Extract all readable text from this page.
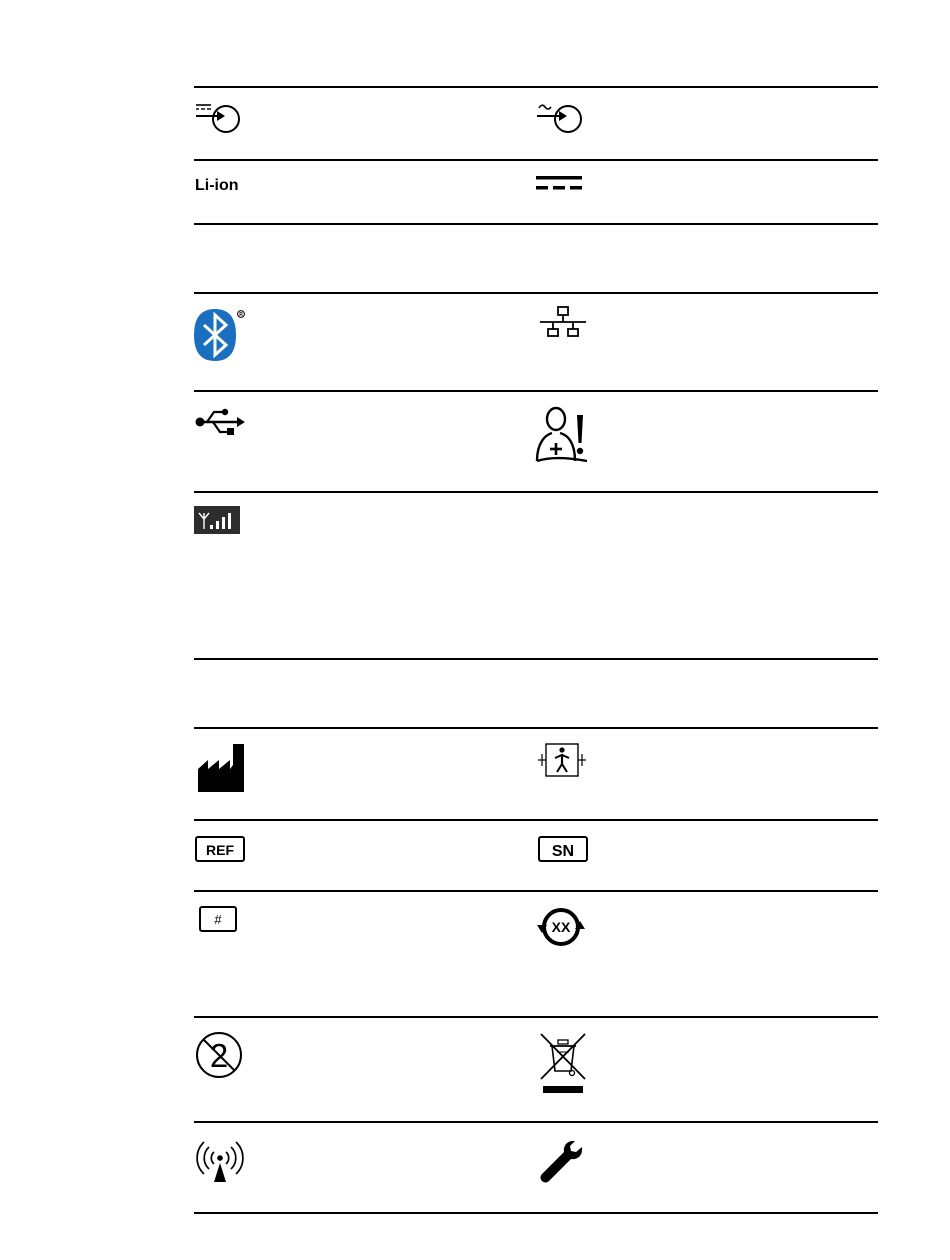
Li-ion
R
REF	SN
#	XX
2
